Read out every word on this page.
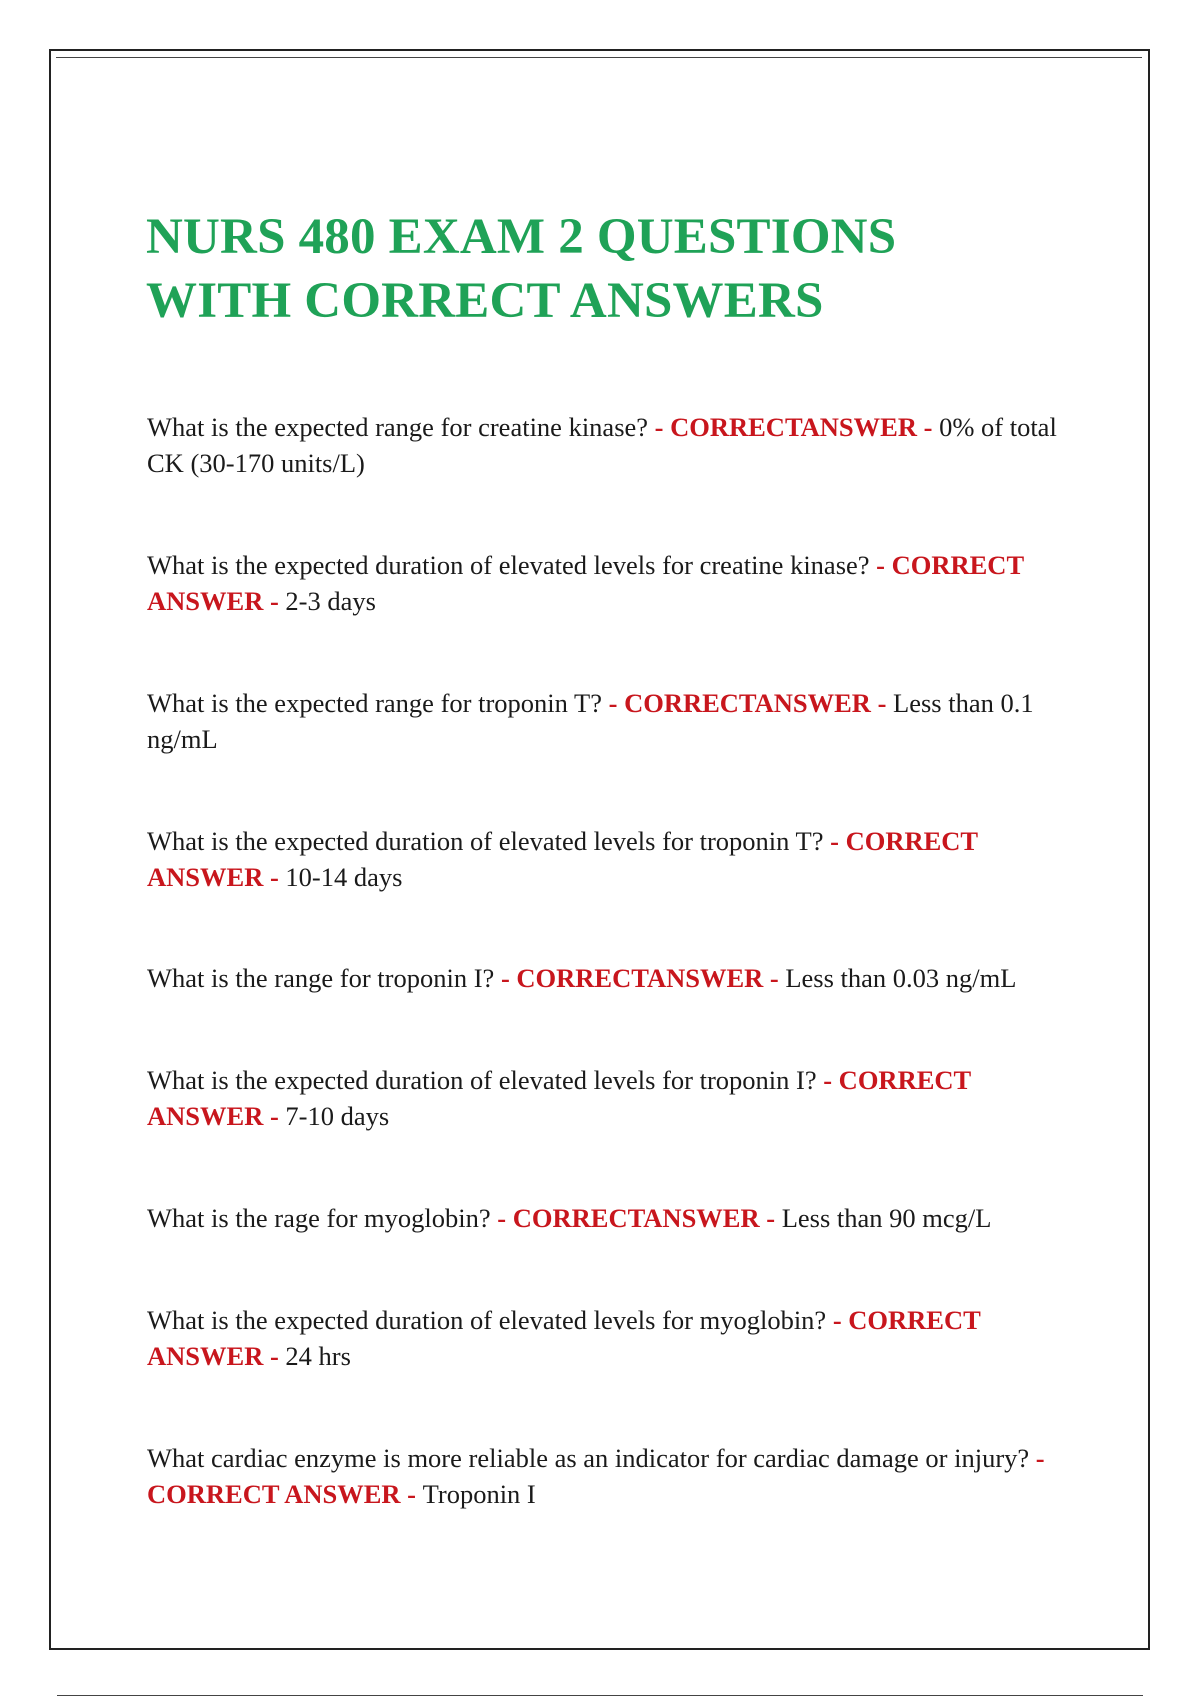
NURS 480 EXAM 2 QUESTIONS
WITH CORRECT ANSWERS

What is the expected range for creatine kinase? - CORRECTANSWER - 0% of total CK (30-170 units/L)

What is the expected duration of elevated levels for creatine kinase? - CORRECT ANSWER - 2-3 days

What is the expected range for troponin T? - CORRECTANSWER - Less than 0.1 ng/mL

What is the expected duration of elevated levels for troponin T? - CORRECT ANSWER - 10-14 days

What is the range for troponin I? - CORRECTANSWER - Less than 0.03 ng/mL

What is the expected duration of elevated levels for troponin I? - CORRECT ANSWER - 7-10 days

What is the rage for myoglobin? - CORRECTANSWER - Less than 90 mcg/L

What is the expected duration of elevated levels for myoglobin? - CORRECT ANSWER - 24 hrs

What cardiac enzyme is more reliable as an indicator for cardiac damage or injury? - CORRECT ANSWER - Troponin I
